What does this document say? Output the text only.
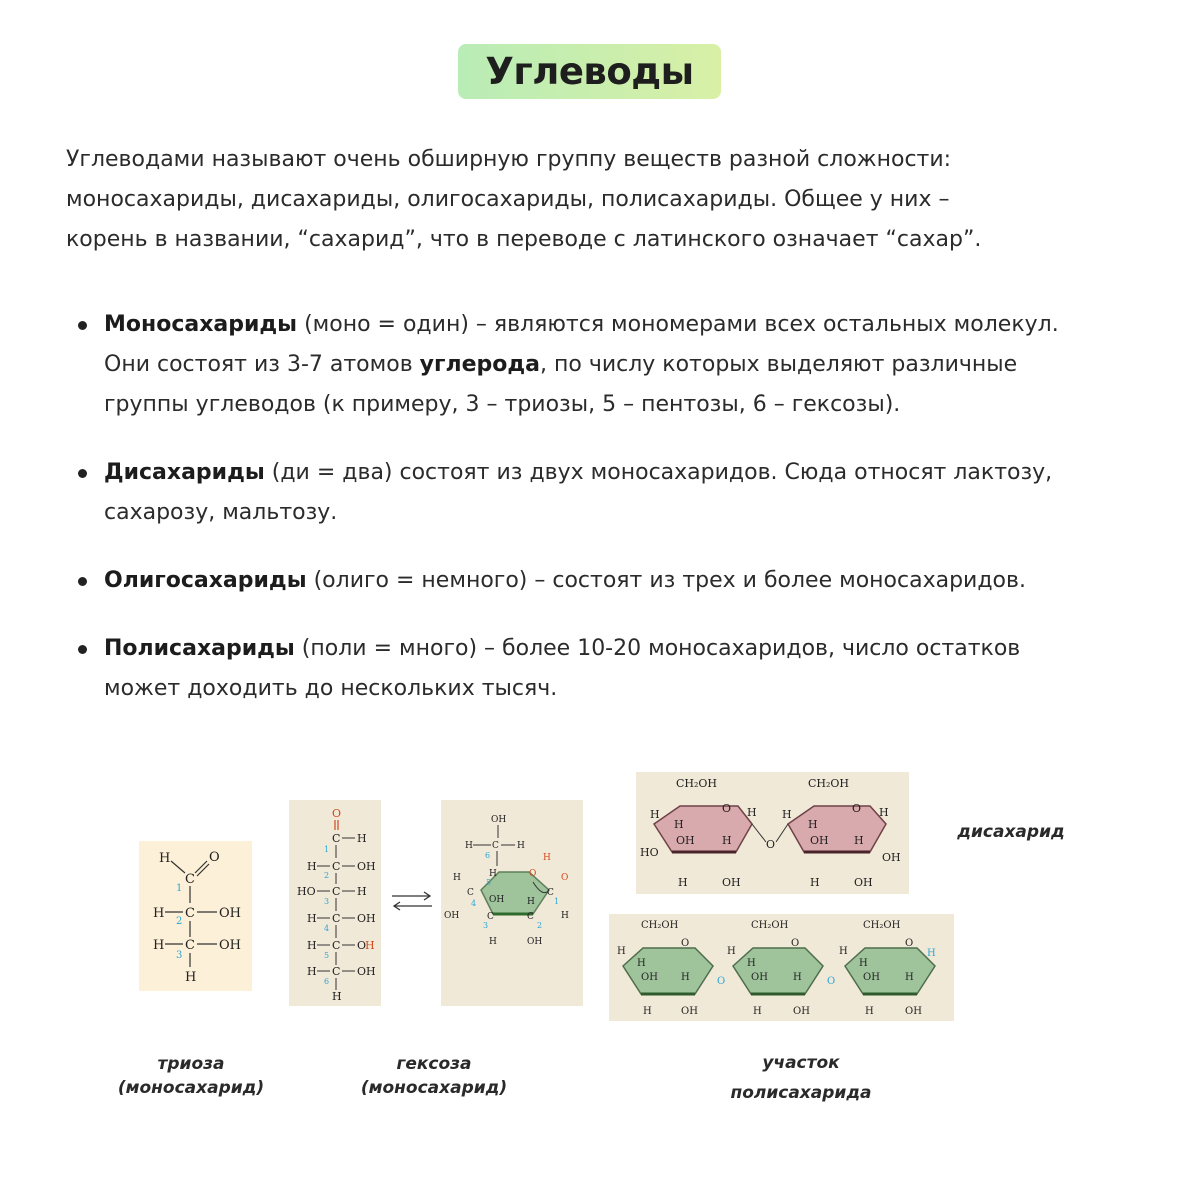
Углеводы

Углеводами называют очень обширную группу веществ разной сложности:

моносахариды, дисахариды, олигосахариды, полисахариды. Общее у них –

корень в названии, “сахарид”, что в переводе с латинского означает “сахар”.

Моносахариды (моно = один) – являются мономерами всех остальных молекул.

Они состоят из 3-7 атомов углерода, по числу которых выделяют различные

группы углеводов (к примеру, 3 – триозы, 5 – пентозы, 6 – гексозы).

Дисахариды (ди = два) состоят из двух моносахаридов. Сюда относят лактозу,

сахарозу, мальтозу.

Олигосахариды (олиго = немного) – состоят из трех и более моносахаридов.

Полисахариды (поли = много) – более 10-20 моносахаридов, число остатков

может доходить до нескольких тысяч.

H
C
O
1
H C OH
2
H C OH
3
H
O
C H
1
H C OH
2
HO C H
3
H C OH
4
H C O
H
5
H C OH
6
H
OH
H C H
6
H
5
O
H
H
C
4
OH
OH	H
C
1
O
H
C	C
3	2
H	OH
CH₂OH	CH₂OH
O	O
H	H
H	H
H	H
HO
O
OH	OH
H	H
OH
H	OH	H	OH
CH₂OH	CH₂OH	CH₂OH
O	O	O
H
H	H	H
H	H	H
O	O
OH	OH	OH
H	H	H
H	OH	H	OH	H	OH
триоза
(моносахарид)
гексоза
(моносахарид)
дисахарид
участок
полисахарида
